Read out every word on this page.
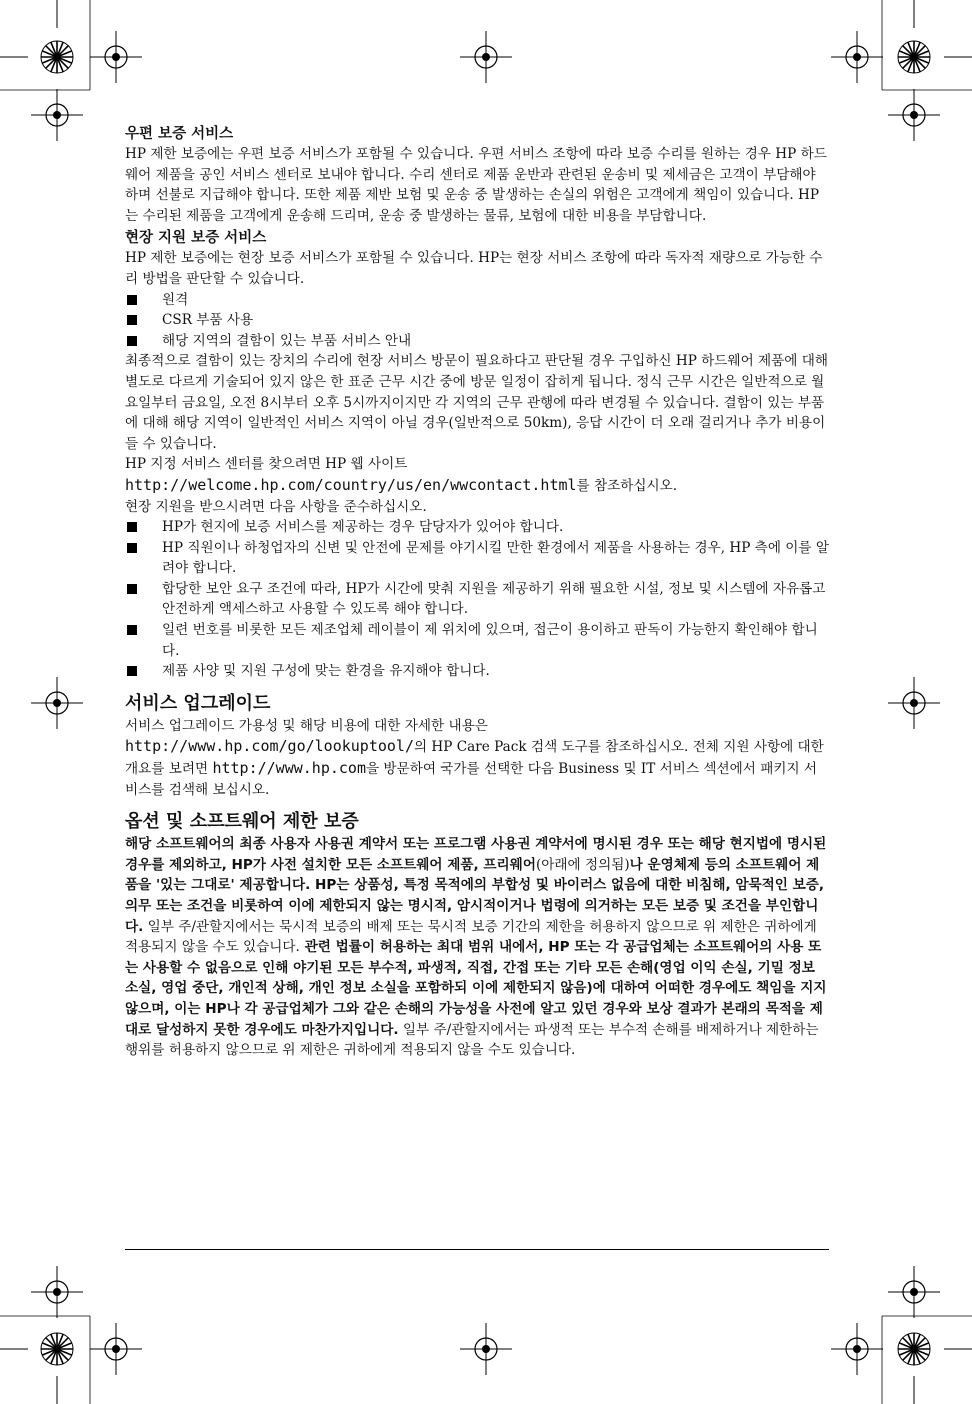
우편 보증 서비스

HP 제한 보증에는 우편 보증 서비스가 포함될 수 있습니다. 우편 서비스 조항에 따라 보증 수리를 원하는 경우 HP 하드웨어 제품을 공인 서비스 센터로 보내야 합니다. 수리 센터로 제품 운반과 관련된 운송비 및 제세금은 고객이 부담해야 하며 선불로 지급해야 합니다. 또한 제품 제반 보험 및 운송 중 발생하는 손실의 위험은 고객에게 책임이 있습니다. HP는 수리된 제품을 고객에게 운송해 드리며, 운송 중 발생하는 물류, 보험에 대한 비용을 부담합니다.

현장 지원 보증 서비스

HP 제한 보증에는 현장 보증 서비스가 포함될 수 있습니다. HP는 현장 서비스 조항에 따라 독자적 재량으로 가능한 수리 방법을 판단할 수 있습니다.

원격
CSR 부품 사용
해당 지역의 결함이 있는 부품 서비스 안내

최종적으로 결함이 있는 장치의 수리에 현장 서비스 방문이 필요하다고 판단될 경우 구입하신 HP 하드웨어 제품에 대해 별도로 다르게 기술되어 있지 않은 한 표준 근무 시간 중에 방문 일정이 잡히게 됩니다. 정식 근무 시간은 일반적으로 월요일부터 금요일, 오전 8시부터 오후 5시까지이지만 각 지역의 근무 관행에 따라 변경될 수 있습니다. 결함이 있는 부품에 대해 해당 지역이 일반적인 서비스 지역이 아닐 경우(일반적으로 50km), 응답 시간이 더 오래 걸리거나 추가 비용이 들 수 있습니다.

HP 지정 서비스 센터를 찾으려면 HP 웹 사이트 http://welcome.hp.com/country/us/en/wwcontact.html를 참조하십시오.

현장 지원을 받으시려면 다음 사항을 준수하십시오.

HP가 현지에 보증 서비스를 제공하는 경우 담당자가 있어야 합니다.
HP 직원이나 하청업자의 신변 및 안전에 문제를 야기시킬 만한 환경에서 제품을 사용하는 경우, HP 측에 이를 알려야 합니다.
합당한 보안 요구 조건에 따라, HP가 시간에 맞춰 지원을 제공하기 위해 필요한 시설, 정보 및 시스템에 자유롭고 안전하게 액세스하고 사용할 수 있도록 해야 합니다.
일련 번호를 비롯한 모든 제조업체 레이블이 제 위치에 있으며, 접근이 용이하고 판독이 가능한지 확인해야 합니다.
제품 사양 및 지원 구성에 맞는 환경을 유지해야 합니다.
서비스 업그레이드

서비스 업그레이드 가용성 및 해당 비용에 대한 자세한 내용은
http://www.hp.com/go/lookuptool/의 HP Care Pack 검색 도구를 참조하십시오. 전체 지원 사항에 대한 개요를 보려면 http://www.hp.com을 방문하여 국가를 선택한 다음 Business 및 IT 서비스 섹션에서 패키지 서비스를 검색해 보십시오.

옵션 및 소프트웨어 제한 보증

해당 소프트웨어의 최종 사용자 사용권 계약서 또는 프로그램 사용권 계약서에 명시된 경우 또는 해당 현지법에 명시된 경우를 제외하고, HP가 사전 설치한 모든 소프트웨어 제품, 프리웨어(아래에 정의됨)나 운영체제 등의 소프트웨어 제품을 '있는 그대로' 제공합니다. HP는 상품성, 특정 목적에의 부합성 및 바이러스 없음에 대한 비침해, 암묵적인 보증, 의무 또는 조건을 비롯하여 이에 제한되지 않는 명시적, 암시적이거나 법령에 의거하는 모든 보증 및 조건을 부인합니다. 일부 주/관할지에서는 묵시적 보증의 배제 또는 묵시적 보증 기간의 제한을 허용하지 않으므로 위 제한은 귀하에게 적용되지 않을 수도 있습니다. 관련 법률이 허용하는 최대 범위 내에서, HP 또는 각 공급업체는 소프트웨어의 사용 또는 사용할 수 없음으로 인해 야기된 모든 부수적, 파생적, 직접, 간접 또는 기타 모든 손해(영업 이익 손실, 기밀 정보 소실, 영업 중단, 개인적 상해, 개인 정보 소실을 포함하되 이에 제한되지 않음)에 대하여 어떠한 경우에도 책임을 지지 않으며, 이는 HP나 각 공급업체가 그와 같은 손해의 가능성을 사전에 알고 있던 경우와 보상 결과가 본래의 목적을 제대로 달성하지 못한 경우에도 마찬가지입니다. 일부 주/관할지에서는 파생적 또는 부수적 손해를 배제하거나 제한하는 행위를 허용하지 않으므로 위 제한은 귀하에게 적용되지 않을 수도 있습니다.
